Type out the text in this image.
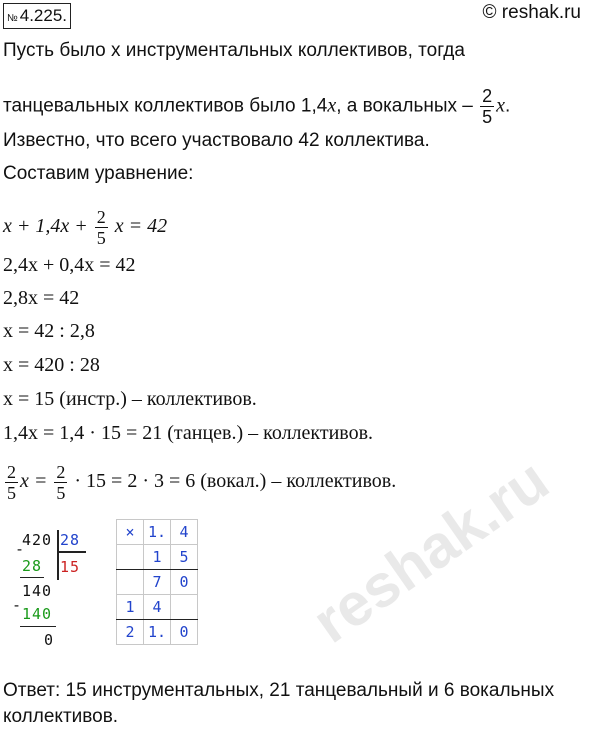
№ 4.225.	© reshak.ru
Пусть было x инструментальных коллективов, тогда
танцевальных коллективов было 1,4x, а вокальных – $\frac{2}{5} x$.
Известно, что всего участвовало 42 коллектива.
Составим уравнение:
$x + 1,4x + \frac{2}{5}$ x = 42
2,4x + 0,4x = 42
2,8x = 42
x = 42 : 2,8
x = 420 : 28
x = 15 (инстр.) – коллективов.
1,4x = 1,4 · 15 = 21 (танцев.) – коллективов.
$\frac{2}{5}$ $x = \frac{2}{5} \cdot 15 = 2 \cdot 3 = 6$ (вокал.) – коллективов.
-
420 28
15
28
140
- 140
0
×	1.	4
	1	5
	7	0
1	4	
2	1.	0 reshak.ru
Ответ: 15 инструментальных, 21 танцевальный и 6 вокальных
коллективов.
